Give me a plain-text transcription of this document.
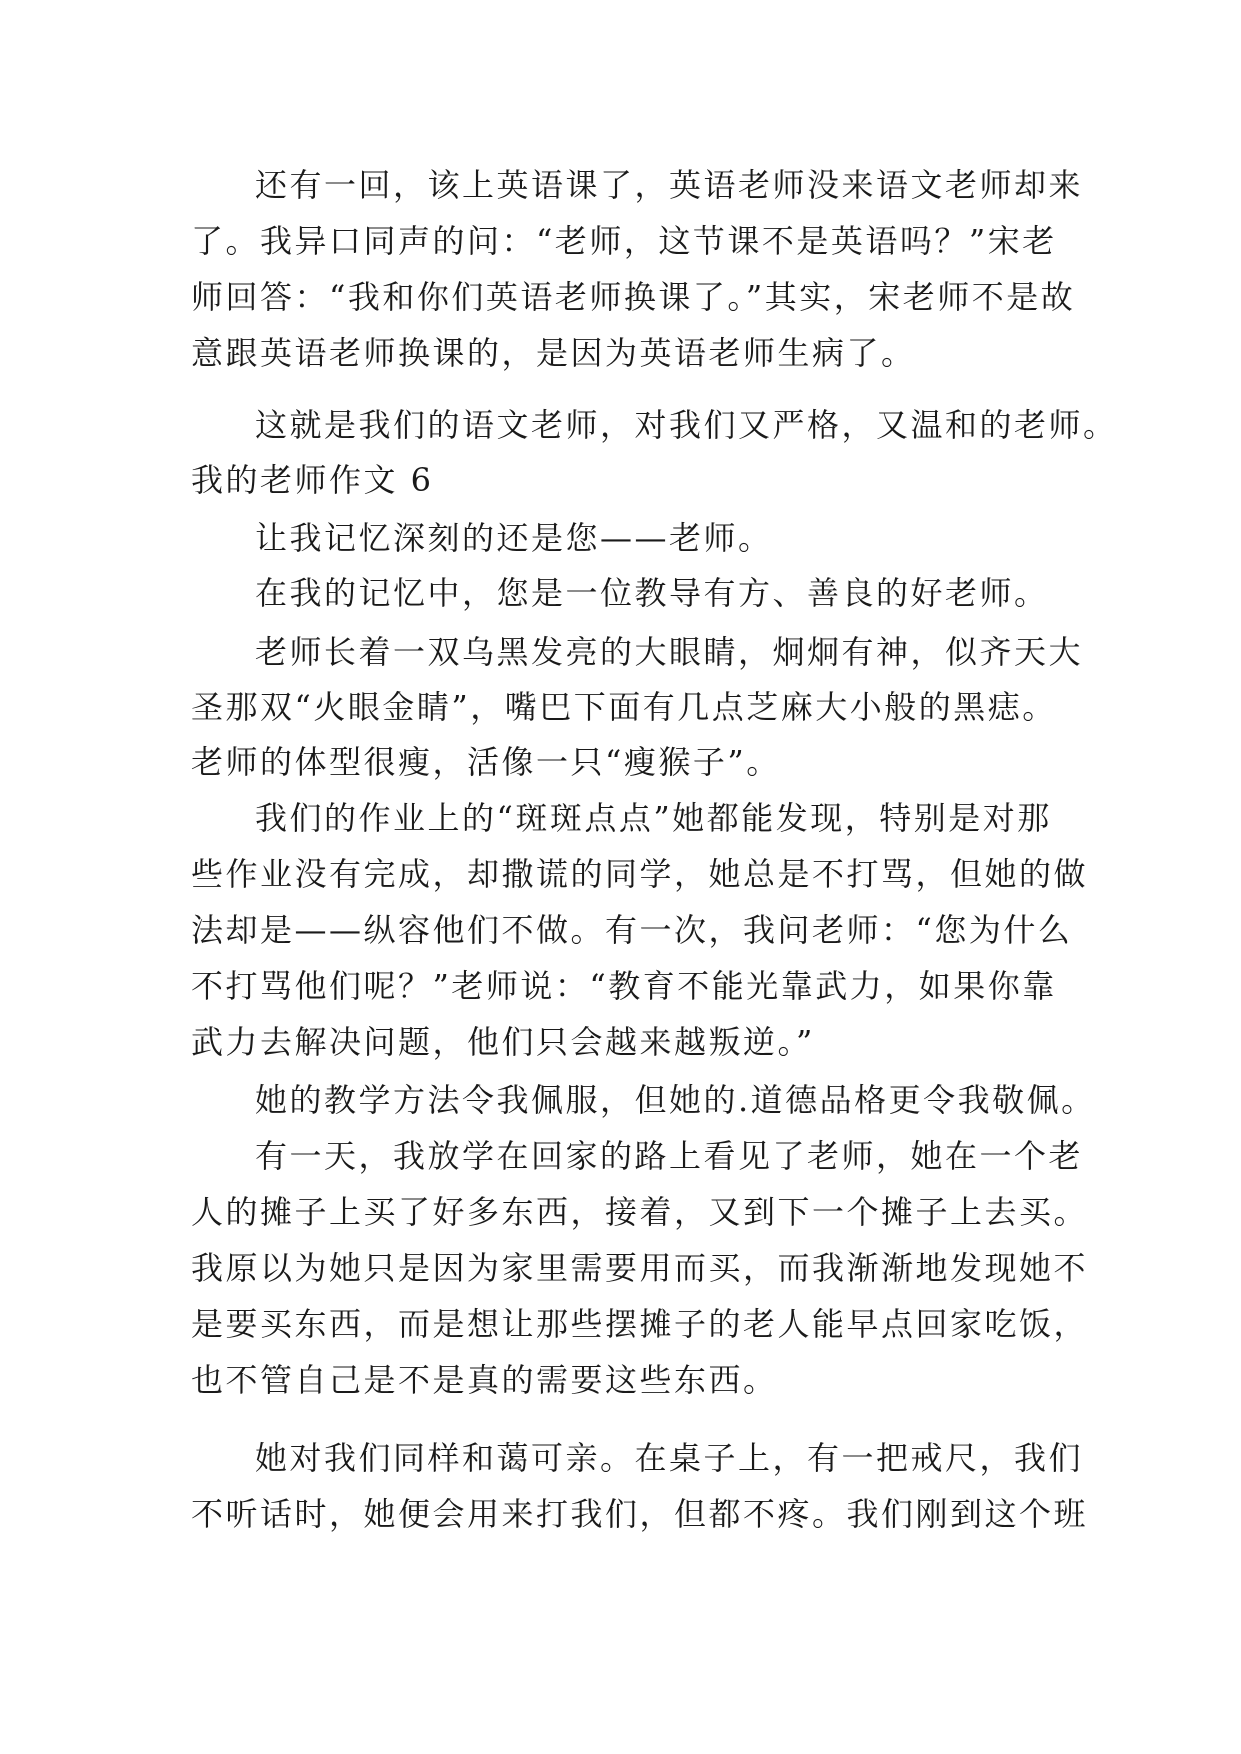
还有一回，该上英语课了，英语老师没来语文老师却来

了。我异口同声的问：“老师，这节课不是英语吗？”宋老

师回答：“我和你们英语老师换课了。”其实，宋老师不是故

意跟英语老师换课的，是因为英语老师生病了。

这就是我们的语文老师，对我们又严格，又温和的老师。

我的老师作文 6

让我记忆深刻的还是您——老师。

在我的记忆中，您是一位教导有方、善良的好老师。

老师长着一双乌黑发亮的大眼睛，炯炯有神，似齐天大

圣那双“火眼金睛”，嘴巴下面有几点芝麻大小般的黑痣。

老师的体型很瘦，活像一只“瘦猴子”。

我们的作业上的“斑斑点点”她都能发现，特别是对那

些作业没有完成，却撒谎的同学，她总是不打骂，但她的做

法却是——纵容他们不做。有一次，我问老师：“您为什么

不打骂他们呢？”老师说：“教育不能光靠武力，如果你靠

武力去解决问题，他们只会越来越叛逆。”

她的教学方法令我佩服，但她的.道德品格更令我敬佩。

有一天，我放学在回家的路上看见了老师，她在一个老

人的摊子上买了好多东西，接着，又到下一个摊子上去买。

我原以为她只是因为家里需要用而买，而我渐渐地发现她不

是要买东西，而是想让那些摆摊子的老人能早点回家吃饭，

也不管自己是不是真的需要这些东西。

她对我们同样和蔼可亲。在桌子上，有一把戒尺，我们

不听话时，她便会用来打我们，但都不疼。我们刚到这个班
